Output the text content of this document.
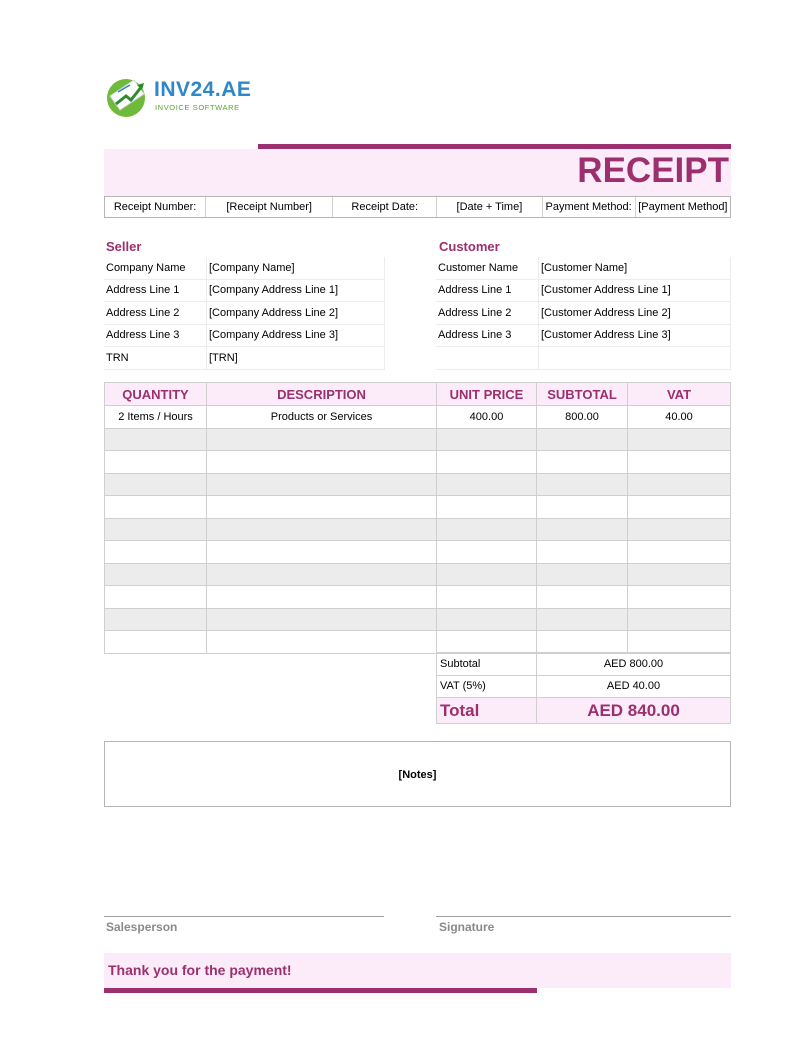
INV24.AE
INVOICE SOFTWARE
RECEIPT
Receipt Number:	[Receipt Number]	Receipt Date:	[Date + Time]	Payment Method: [Payment Method]
Seller
Company Name	[Company Name]
Address Line 1	[Company Address Line 1]
Address Line 2	[Company Address Line 2]
Address Line 3	[Company Address Line 3]
TRN	[TRN]
Customer
Customer Name	[Customer Name]
Address Line 1	[Customer Address Line 1]
Address Line 2	[Customer Address Line 2]
Address Line 3	[Customer Address Line 3]

QUANTITY	DESCRIPTION	UNIT PRICE	SUBTOTAL	VAT
2 Items / Hours	Products or Services	400.00	800.00	40.00

Subtotal	AED 800.00
VAT (5%)	AED 40.00
Total	AED 840.00
[Notes]
Salesperson	Signature
Thank you for the payment!
